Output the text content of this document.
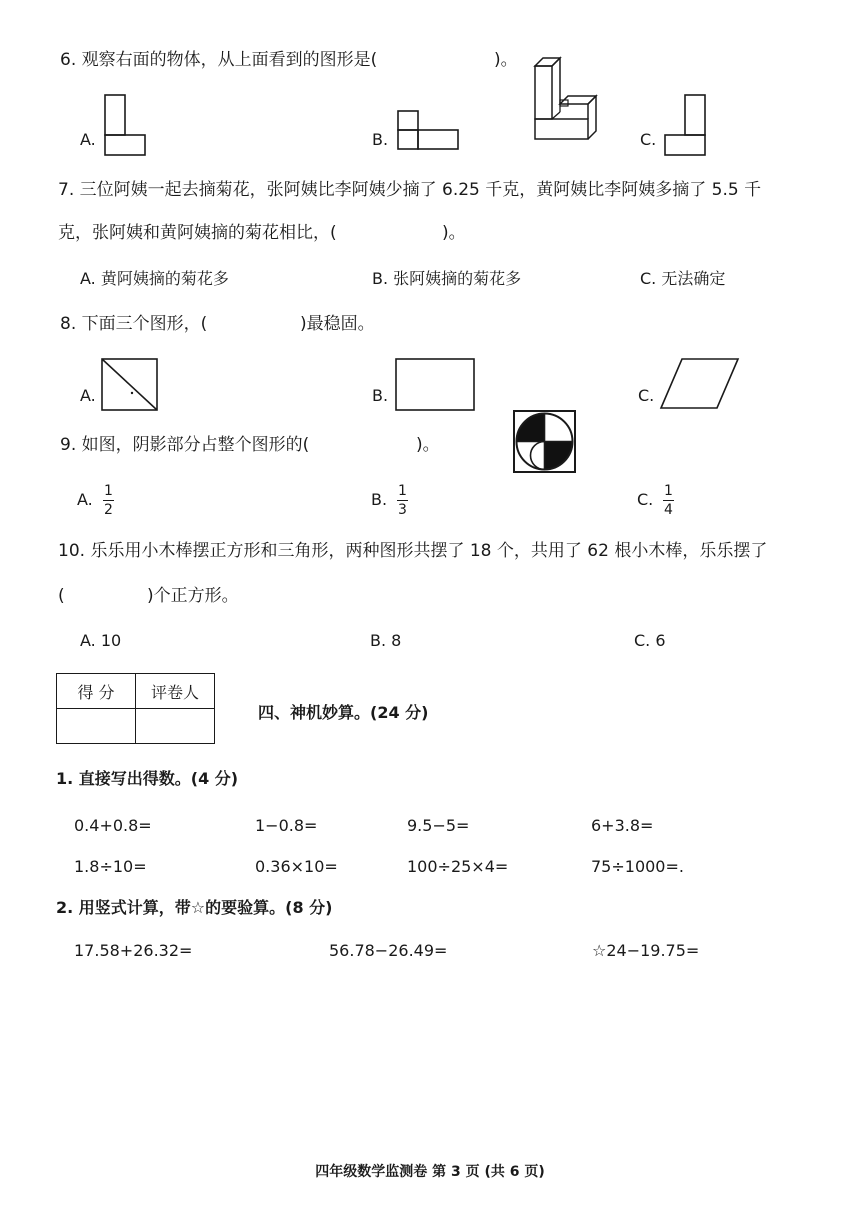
6. 观察右面的物体，从上面看到的图形是(	)。
A.	B.	C.
7. 三位阿姨一起去摘菊花，张阿姨比李阿姨少摘了 6.25 千克，黄阿姨比李阿姨多摘了 5.5 千
克，张阿姨和黄阿姨摘的菊花相比，(	)。
A. 黄阿姨摘的菊花多	B. 张阿姨摘的菊花多	C. 无法确定
8. 下面三个图形，(	)最稳固。
A.	B.	C.
9. 如图，阴影部分占整个图形的(	)。
A. 1
2
B. 1
3
C. 1
4
10. 乐乐用小木棒摆正方形和三角形，两种图形共摆了 18 个，共用了 62 根小木棒，乐乐摆了
(	)个正方形。
A. 10	B. 8	C. 6
得 分	评卷人

四、神机妙算。(24 分)
1. 直接写出得数。(4 分)
0.4+0.8=	1−0.8=	9.5−5=	6+3.8=
1.8÷10=	0.36×10=	100÷25×4=	75÷1000=.
2. 用竖式计算，带☆的要验算。(8 分)
17.58+26.32=	56.78−26.49=	☆24−19.75=
四年级数学监测卷 第 3 页 (共 6 页)
